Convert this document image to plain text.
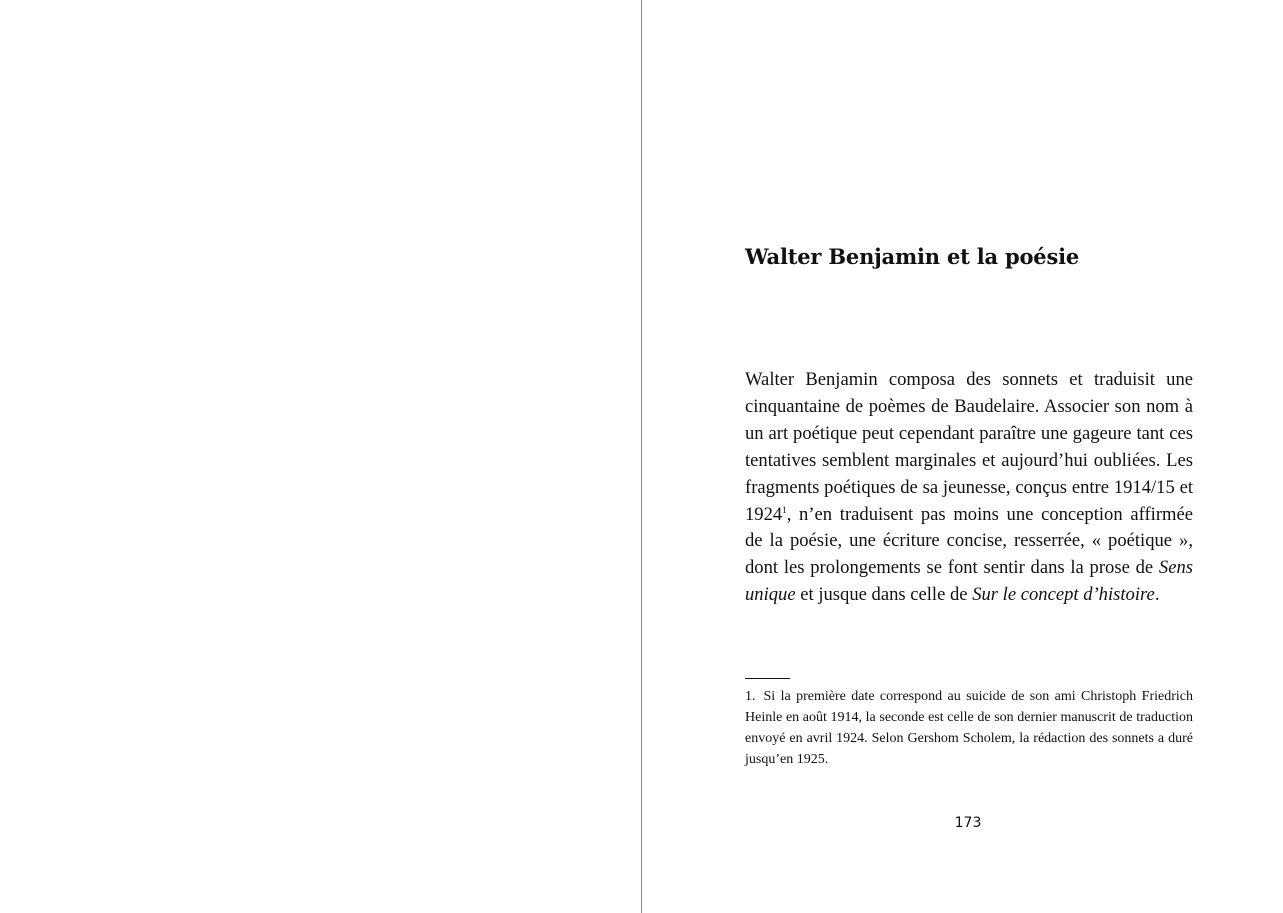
Walter Benjamin et la poésie

Walter Benjamin composa des sonnets et traduisit une cinquantaine de poèmes de Baudelaire. Associer son nom à un art poétique peut cependant paraître une gageure tant ces tentatives semblent marginales et aujourd’hui oubliées. Les fragments poétiques de sa jeunesse, conçus entre 1914/15 et 1924$^1$, n’en traduisent pas moins une conception affirmée de la poésie, une écriture concise, resserrée, « poétique », dont les prolongements se font sentir dans la prose de Sens unique et jusque dans celle de Sur le concept d’histoire.

1. Si la première date correspond au suicide de son ami Christoph Friedrich Heinle en août 1914, la seconde est celle de son dernier manuscrit de traduction envoyé en avril 1924. Selon Gershom Scholem, la rédaction des sonnets a duré jusqu’en 1925.

173
